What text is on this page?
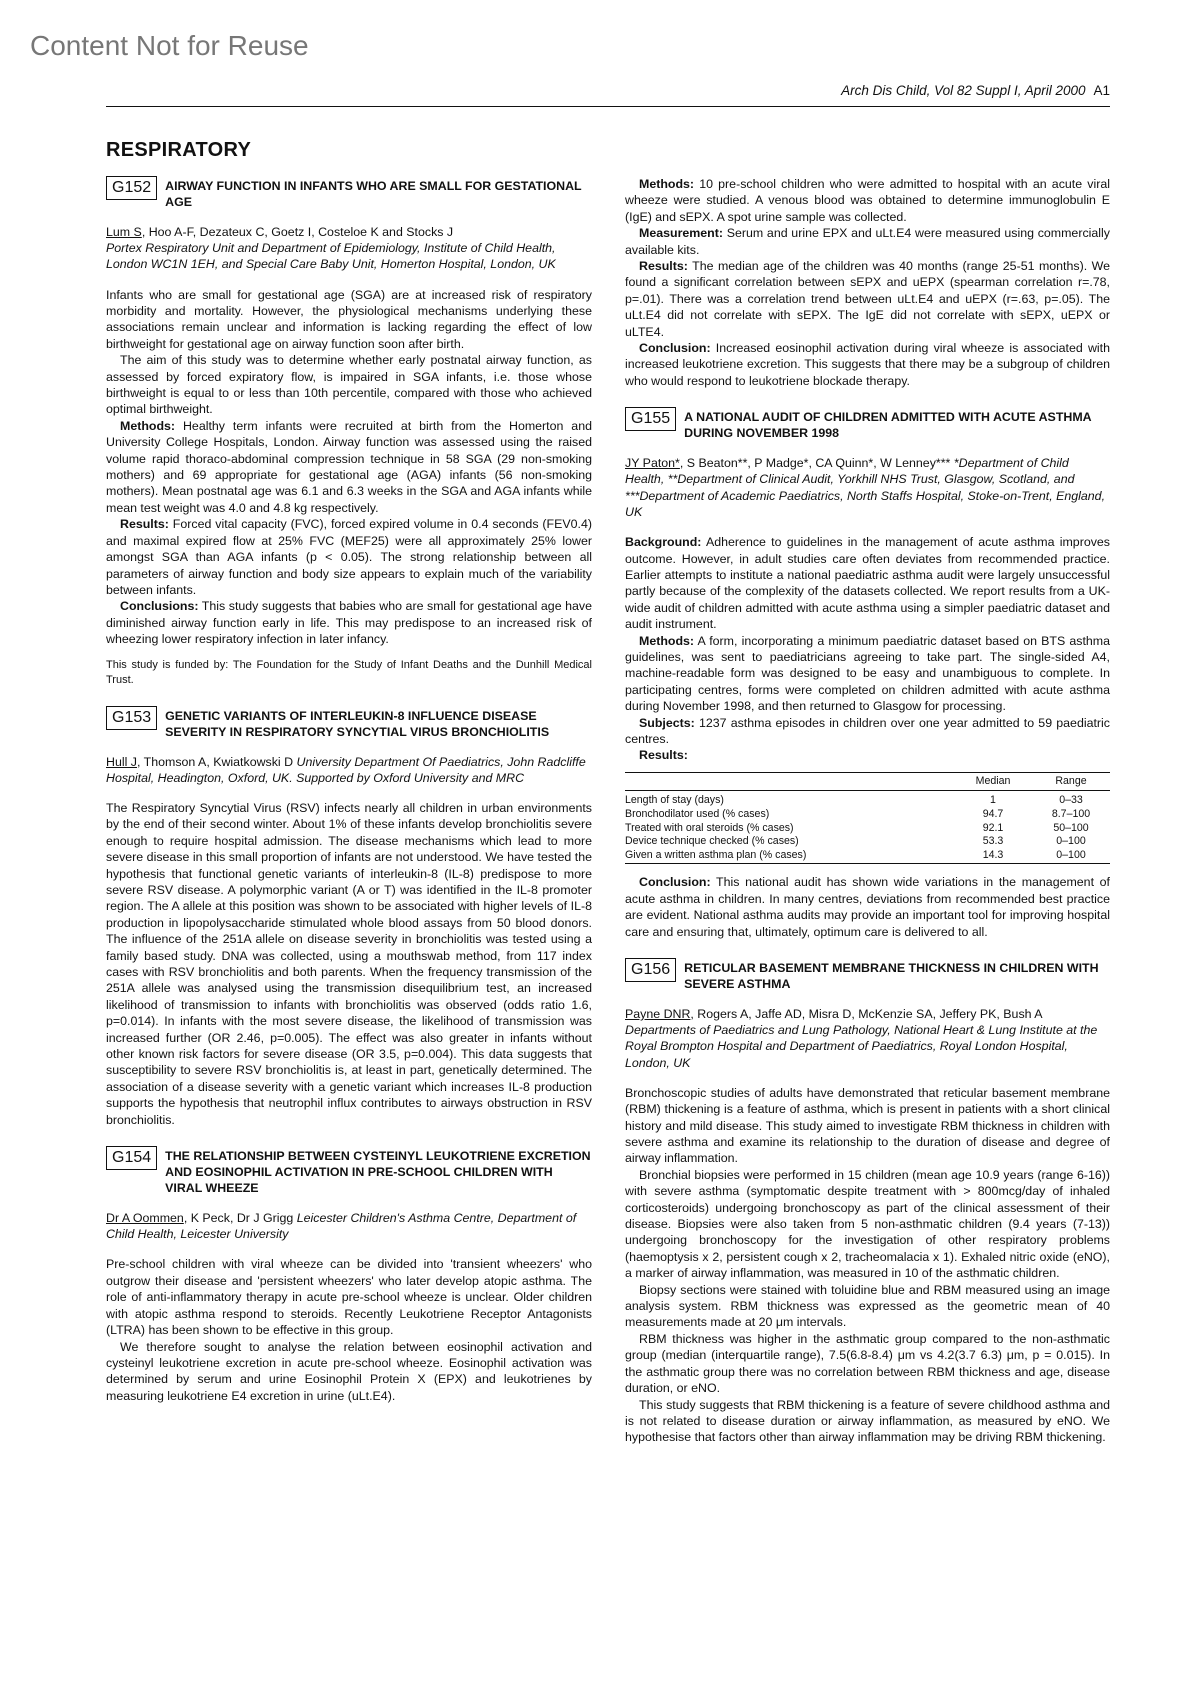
Content Not for Reuse
Arch Dis Child, Vol 82 Suppl I, April 2000 A1
RESPIRATORY
G152	AIRWAY FUNCTION IN INFANTS WHO ARE SMALL FOR GESTATIONAL AGE
Lum S, Hoo A-F, Dezateux C, Goetz I, Costeloe K and Stocks J
Portex Respiratory Unit and Department of Epidemiology, Institute of Child Health, London WC1N 1EH, and Special Care Baby Unit, Homerton Hospital, London, UK

Infants who are small for gestational age (SGA) are at increased risk of respiratory morbidity and mortality. However, the physiological mechanisms underlying these associations remain unclear and information is lacking regarding the effect of low birthweight for gestational age on airway function soon after birth.

The aim of this study was to determine whether early postnatal airway function, as assessed by forced expiratory flow, is impaired in SGA infants, i.e. those whose birthweight is equal to or less than 10th percentile, compared with those who achieved optimal birthweight.

Methods: Healthy term infants were recruited at birth from the Homerton and University College Hospitals, London. Airway function was assessed using the raised volume rapid thoraco-abdominal compression technique in 58 SGA (29 non-smoking mothers) and 69 appropriate for gestational age (AGA) infants (56 non-smoking mothers). Mean postnatal age was 6.1 and 6.3 weeks in the SGA and AGA infants while mean test weight was 4.0 and 4.8 kg respectively.

Results: Forced vital capacity (FVC), forced expired volume in 0.4 seconds (FEV0.4) and maximal expired flow at 25% FVC (MEF25) were all approximately 25% lower amongst SGA than AGA infants (p < 0.05). The strong relationship between all parameters of airway function and body size appears to explain much of the variability between infants.

Conclusions: This study suggests that babies who are small for gestational age have diminished airway function early in life. This may predispose to an increased risk of wheezing lower respiratory infection in later infancy.

This study is funded by: The Foundation for the Study of Infant Deaths and the Dunhill Medical Trust.

G153	GENETIC VARIANTS OF INTERLEUKIN-8 INFLUENCE DISEASE SEVERITY IN RESPIRATORY SYNCYTIAL VIRUS BRONCHIOLITIS
Hull J, Thomson A, Kwiatkowski D University Department Of Paediatrics, John Radcliffe Hospital, Headington, Oxford, UK. Supported by Oxford University and MRC

The Respiratory Syncytial Virus (RSV) infects nearly all children in urban environments by the end of their second winter. About 1% of these infants develop bronchiolitis severe enough to require hospital admission. The disease mechanisms which lead to more severe disease in this small proportion of infants are not understood. We have tested the hypothesis that functional genetic variants of interleukin-8 (IL-8) predispose to more severe RSV disease. A polymorphic variant (A or T) was identified in the IL-8 promoter region. The A allele at this position was shown to be associated with higher levels of IL-8 production in lipopolysaccharide stimulated whole blood assays from 50 blood donors. The influence of the 251A allele on disease severity in bronchiolitis was tested using a family based study. DNA was collected, using a mouthswab method, from 117 index cases with RSV bronchiolitis and both parents. When the frequency transmission of the 251A allele was analysed using the transmission disequilibrium test, an increased likelihood of transmission to infants with bronchiolitis was observed (odds ratio 1.6, p=0.014). In infants with the most severe disease, the likelihood of transmission was increased further (OR 2.46, p=0.005). The effect was also greater in infants without other known risk factors for severe disease (OR 3.5, p=0.004). This data suggests that susceptibility to severe RSV bronchiolitis is, at least in part, genetically determined. The association of a disease severity with a genetic variant which increases IL-8 production supports the hypothesis that neutrophil influx contributes to airways obstruction in RSV bronchiolitis.

G154	THE RELATIONSHIP BETWEEN CYSTEINYL LEUKOTRIENE EXCRETION AND EOSINOPHIL ACTIVATION IN PRE-SCHOOL CHILDREN WITH VIRAL WHEEZE
Dr A Oommen, K Peck, Dr J Grigg Leicester Children's Asthma Centre, Department of Child Health, Leicester University

Pre-school children with viral wheeze can be divided into 'transient wheezers' who outgrow their disease and 'persistent wheezers' who later develop atopic asthma. The role of anti-inflammatory therapy in acute pre-school wheeze is unclear. Older children with atopic asthma respond to steroids. Recently Leukotriene Receptor Antagonists (LTRA) has been shown to be effective in this group.

We therefore sought to analyse the relation between eosinophil activation and cysteinyl leukotriene excretion in acute pre-school wheeze. Eosinophil activation was determined by serum and urine Eosinophil Protein X (EPX) and leukotrienes by measuring leukotriene E4 excretion in urine (uLt.E4).

Methods: 10 pre-school children who were admitted to hospital with an acute viral wheeze were studied. A venous blood was obtained to determine immunoglobulin E (IgE) and sEPX. A spot urine sample was collected.

Measurement: Serum and urine EPX and uLt.E4 were measured using commercially available kits.

Results: The median age of the children was 40 months (range 25-51 months). We found a significant correlation between sEPX and uEPX (spearman correlation r=.78, p=.01). There was a correlation trend between uLt.E4 and uEPX (r=.63, p=.05). The uLt.E4 did not correlate with sEPX. The IgE did not correlate with sEPX, uEPX or uLTE4.

Conclusion: Increased eosinophil activation during viral wheeze is associated with increased leukotriene excretion. This suggests that there may be a subgroup of children who would respond to leukotriene blockade therapy.

G155	A NATIONAL AUDIT OF CHILDREN ADMITTED WITH ACUTE ASTHMA DURING NOVEMBER 1998
JY Paton*, S Beaton**, P Madge*, CA Quinn*, W Lenney*** *Department of Child Health, **Department of Clinical Audit, Yorkhill NHS Trust, Glasgow, Scotland, and ***Department of Academic Paediatrics, North Staffs Hospital, Stoke-on-Trent, England, UK

Background: Adherence to guidelines in the management of acute asthma improves outcome. However, in adult studies care often deviates from recommended practice. Earlier attempts to institute a national paediatric asthma audit were largely unsuccessful partly because of the complexity of the datasets collected. We report results from a UK-wide audit of children admitted with acute asthma using a simpler paediatric dataset and audit instrument.

Methods: A form, incorporating a minimum paediatric dataset based on BTS asthma guidelines, was sent to paediatricians agreeing to take part. The single-sided A4, machine-readable form was designed to be easy and unambiguous to complete. In participating centres, forms were completed on children admitted with acute asthma during November 1998, and then returned to Glasgow for processing.

Subjects: 1237 asthma episodes in children over one year admitted to 59 paediatric centres.

Results:

	Median	Range
Length of stay (days)	1	0–33
Bronchodilator used (% cases)	94.7	8.7–100
Treated with oral steroids (% cases)	92.1	50–100
Device technique checked (% cases)	53.3	0–100
Given a written asthma plan (% cases)	14.3	0–100

Conclusion: This national audit has shown wide variations in the management of acute asthma in children. In many centres, deviations from recommended best practice are evident. National asthma audits may provide an important tool for improving hospital care and ensuring that, ultimately, optimum care is delivered to all.

G156	RETICULAR BASEMENT MEMBRANE THICKNESS IN CHILDREN WITH SEVERE ASTHMA
Payne DNR, Rogers A, Jaffe AD, Misra D, McKenzie SA, Jeffery PK, Bush A Departments of Paediatrics and Lung Pathology, National Heart & Lung Institute at the Royal Brompton Hospital and Department of Paediatrics, Royal London Hospital, London, UK

Bronchoscopic studies of adults have demonstrated that reticular basement membrane (RBM) thickening is a feature of asthma, which is present in patients with a short clinical history and mild disease. This study aimed to investigate RBM thickness in children with severe asthma and examine its relationship to the duration of disease and degree of airway inflammation.

Bronchial biopsies were performed in 15 children (mean age 10.9 years (range 6-16)) with severe asthma (symptomatic despite treatment with > 800mcg/day of inhaled corticosteroids) undergoing bronchoscopy as part of the clinical assessment of their disease. Biopsies were also taken from 5 non-asthmatic children (9.4 years (7-13)) undergoing bronchoscopy for the investigation of other respiratory problems (haemoptysis x 2, persistent cough x 2, tracheomalacia x 1). Exhaled nitric oxide (eNO), a marker of airway inflammation, was measured in 10 of the asthmatic children.

Biopsy sections were stained with toluidine blue and RBM measured using an image analysis system. RBM thickness was expressed as the geometric mean of 40 measurements made at 20 μm intervals.

RBM thickness was higher in the asthmatic group compared to the non-asthmatic group (median (interquartile range), 7.5(6.8-8.4) μm vs 4.2(3.7 6.3) μm, p = 0.015). In the asthmatic group there was no correlation between RBM thickness and age, disease duration, or eNO.

This study suggests that RBM thickening is a feature of severe childhood asthma and is not related to disease duration or airway inflammation, as measured by eNO. We hypothesise that factors other than airway inflammation may be driving RBM thickening.
